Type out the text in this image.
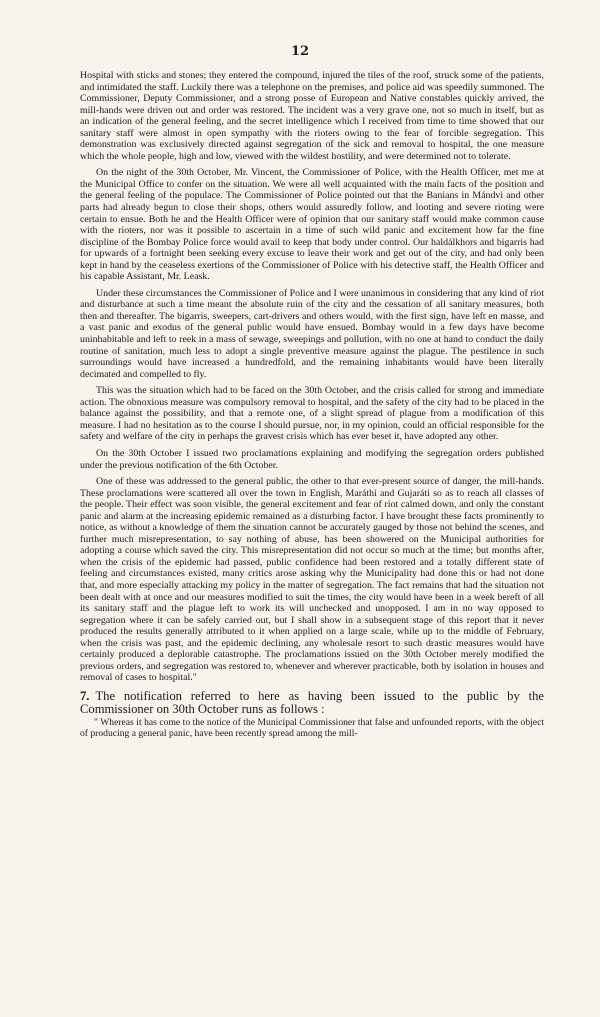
12

Hospital with sticks and stones; they entered the compound, injured the tiles of the roof, struck some of the patients, and intimidated the staff. Luckily there was a telephone on the premises, and police aid was speedily summoned. The Commissioner, Deputy Commissioner, and a strong posse of European and Native constables quickly arrived, the mill-hands were driven out and order was restored. The incident was a very grave one, not so much in itself, but as an indication of the general feeling, and the secret intelligence which I received from time to time showed that our sanitary staff were almost in open sympathy with the rioters owing to the fear of forcible segregation. This demonstration was exclusively directed against segregation of the sick and removal to hospital, the one measure which the whole people, high and low, viewed with the wildest hostility, and were determined not to tolerate.

On the night of the 30th October, Mr. Vincent, the Commissioner of Police, with the Health Officer, met me at the Municipal Office to confer on the situation. We were all well acquainted with the main facts of the position and the general feeling of the populace. The Commissioner of Police pointed out that the Banians in Mándvi and other parts had already begun to close their shops, others would assuredly follow, and looting and severe rioting were certain to ensue. Both he and the Health Officer were of opinion that our sanitary staff would make common cause with the rioters, nor was it possible to ascertain in a time of such wild panic and excitement how far the fine discipline of the Bombay Police force would avail to keep that body under control. Our haldálkhors and bigarris had for upwards of a fortnight been seeking every excuse to leave their work and get out of the city, and had only been kept in hand by the ceaseless exertions of the Commissioner of Police with his detective staff, the Health Officer and his capable Assistant, Mr. Leask.

Under these circumstances the Commissioner of Police and I were unanimous in considering that any kind of riot and disturbance at such a time meant the absolute ruin of the city and the cessation of all sanitary measures, both then and thereafter. The bigarris, sweepers, cart-drivers and others would, with the first sign, have left en masse, and a vast panic and exodus of the general public would have ensued. Bombay would in a few days have become uninhabitable and left to reek in a mass of sewage, sweepings and pollution, with no one at hand to conduct the daily routine of sanitation, much less to adopt a single preventive measure against the plague. The pestilence in such surroundings would have increased a hundredfold, and the remaining inhabitants would have been literally decimated and compelled to fly.

This was the situation which had to be faced on the 30th October, and the crisis called for strong and immediate action. The obnoxious measure was compulsory removal to hospital, and the safety of the city had to be placed in the balance against the possibility, and that a remote one, of a slight spread of plague from a modification of this measure. I had no hesitation as to the course I should pursue, nor, in my opinion, could an official responsible for the safety and welfare of the city in perhaps the gravest crisis which has ever beset it, have adopted any other.

On the 30th October I issued two proclamations explaining and modifying the segregation orders published under the previous notification of the 6th October.

One of these was addressed to the general public, the other to that ever-present source of danger, the mill-hands. These proclamations were scattered all over the town in English, Maráthi and Gujaráti so as to reach all classes of the people. Their effect was soon visible, the general excitement and fear of riot calmed down, and only the constant panic and alarm at the increasing epidemic remained as a disturbing factor. I have brought these facts prominently to notice, as without a knowledge of them the situation cannot be accurately gauged by those not behind the scenes, and further much misrepresentation, to say nothing of abuse, has been showered on the Municipal authorities for adopting a course which saved the city. This misrepresentation did not occur so much at the time; but months after, when the crisis of the epidemic had passed, public confidence had been restored and a totally different state of feeling and circumstances existed, many critics arose asking why the Municipality had done this or had not done that, and more especially attacking my policy in the matter of segregation. The fact remains that had the situation not been dealt with at once and our measures modified to suit the times, the city would have been in a week bereft of all its sanitary staff and the plague left to work its will unchecked and unopposed. I am in no way opposed to segregation where it can be safely carried out, but I shall show in a subsequent stage of this report that it never produced the results generally attributed to it when applied on a large scale, while up to the middle of February, when the crisis was past, and the epidemic declining, any wholesale resort to such drastic measures would have certainly produced a deplorable catastrophe. The proclamations issued on the 30th October merely modified the previous orders, and segregation was restored to, whenever and wherever practicable, both by isolation in houses and removal of cases to hospital."

7. The notification referred to here as having been issued to the public by the Commissioner on 30th October runs as follows :

" Whereas it has come to the notice of the Municipal Commissioner that false and unfounded reports, with the object of producing a general panic, have been recently spread among the mill-
